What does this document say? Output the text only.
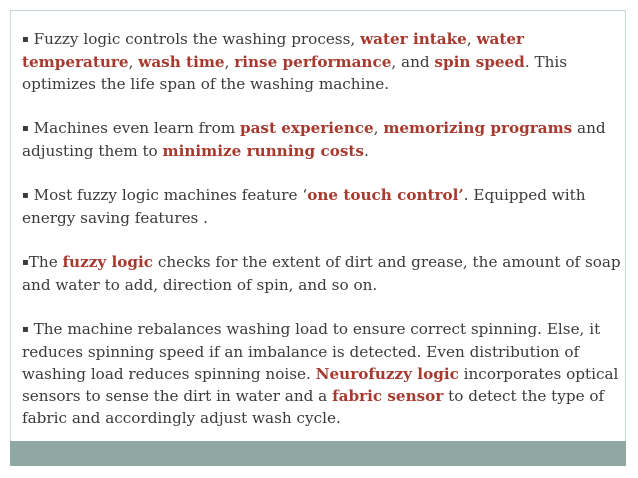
▪ Fuzzy logic controls the washing process, water intake, water temperature, wash time, rinse performance, and spin speed. This optimizes the life span of the washing machine.

▪ Machines even learn from past experience, memorizing programs and adjusting them to minimize running costs.

▪ Most fuzzy logic machines feature ‘one touch control’. Equipped with energy saving features .

▪The fuzzy logic checks for the extent of dirt and grease, the amount of soap and water to add, direction of spin, and so on.

▪ The machine rebalances washing load to ensure correct spinning. Else, it reduces spinning speed if an imbalance is detected. Even distribution of washing load reduces spinning noise. Neurofuzzy logic incorporates optical sensors to sense the dirt in water and a fabric sensor to detect the type of fabric and accordingly adjust wash cycle.
